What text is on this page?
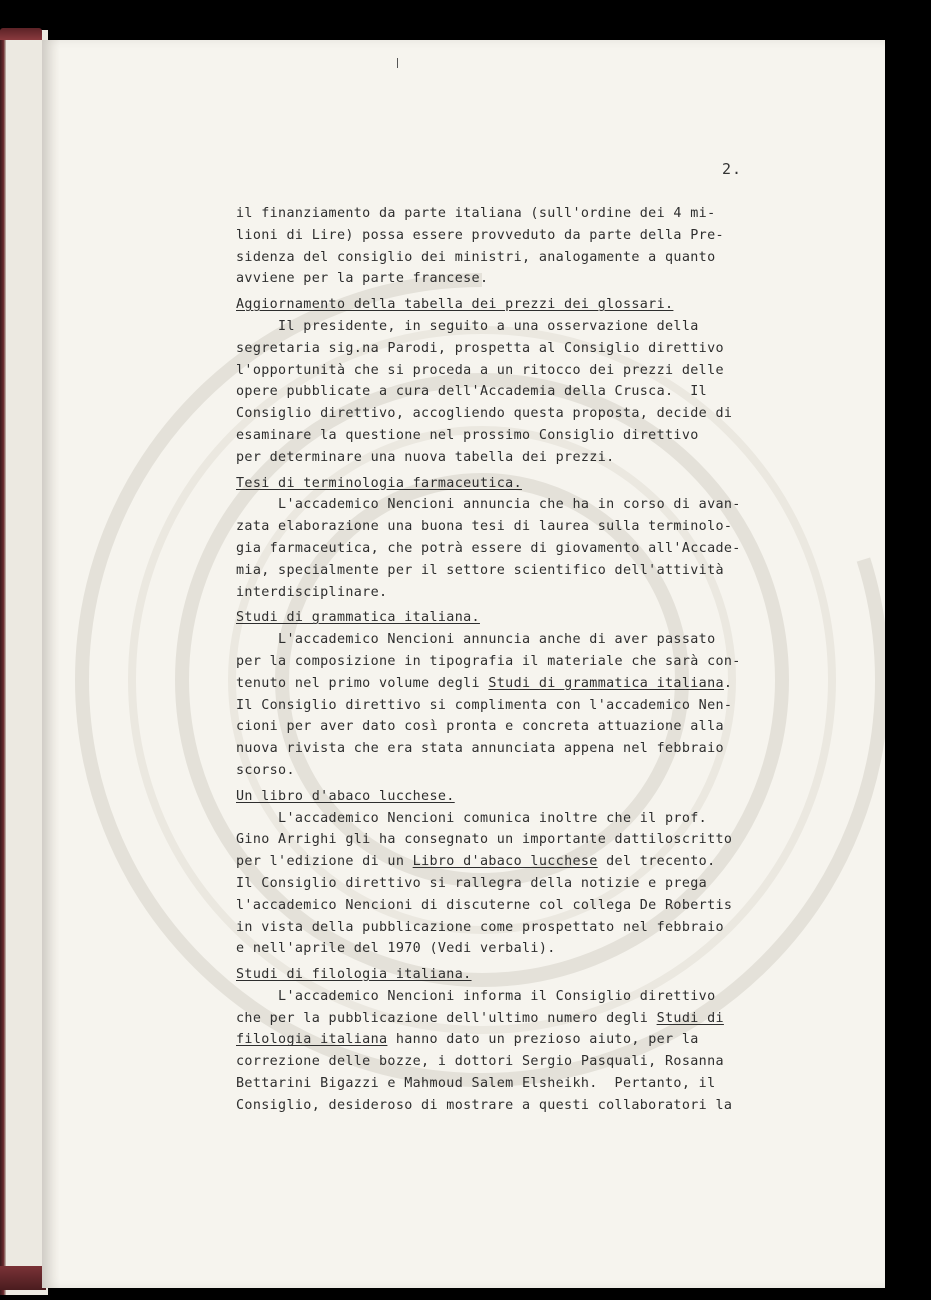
2.
il finanziamento da parte italiana (sull'ordine dei 4 mi-
lioni di Lire) possa essere provveduto da parte della Pre-
sidenza del consiglio dei ministri, analogamente a quanto
avviene per la parte francese.
Aggiornamento della tabella dei prezzi dei glossari.
Il presidente, in seguito a una osservazione della
segretaria sig.na Parodi, prospetta al Consiglio direttivo
l'opportunità che si proceda a un ritocco dei prezzi delle
opere pubblicate a cura dell'Accademia della Crusca.  Il
Consiglio direttivo, accogliendo questa proposta, decide di
esaminare la questione nel prossimo Consiglio direttivo
per determinare una nuova tabella dei prezzi.
Tesi di terminologia farmaceutica.
L'accademico Nencioni annuncia che ha in corso di avan-
zata elaborazione una buona tesi di laurea sulla terminolo-
gia farmaceutica, che potrà essere di giovamento all'Accade-
mia, specialmente per il settore scientifico dell'attività
interdisciplinare.
Studi di grammatica italiana.
L'accademico Nencioni annuncia anche di aver passato
per la composizione in tipografia il materiale che sarà con-
tenuto nel primo volume degli Studi di grammatica italiana.
Il Consiglio direttivo si complimenta con l'accademico Nen-
cioni per aver dato così pronta e concreta attuazione alla
nuova rivista che era stata annunciata appena nel febbraio
scorso.
Un libro d'abaco lucchese.
L'accademico Nencioni comunica inoltre che il prof.
Gino Arrighi gli ha consegnato un importante dattiloscritto
per l'edizione di un Libro d'abaco lucchese del trecento.
Il Consiglio direttivo si rallegra della notizie e prega
l'accademico Nencioni di discuterne col collega De Robertis
in vista della pubblicazione come prospettato nel febbraio
e nell'aprile del 1970 (Vedi verbali).
Studi di filologia italiana.
L'accademico Nencioni informa il Consiglio direttivo
che per la pubblicazione dell'ultimo numero degli Studi di
filologia italiana hanno dato un prezioso aiuto, per la
correzione delle bozze, i dottori Sergio Pasquali, Rosanna
Bettarini Bigazzi e Mahmoud Salem Elsheikh.  Pertanto, il
Consiglio, desideroso di mostrare a questi collaboratori la
